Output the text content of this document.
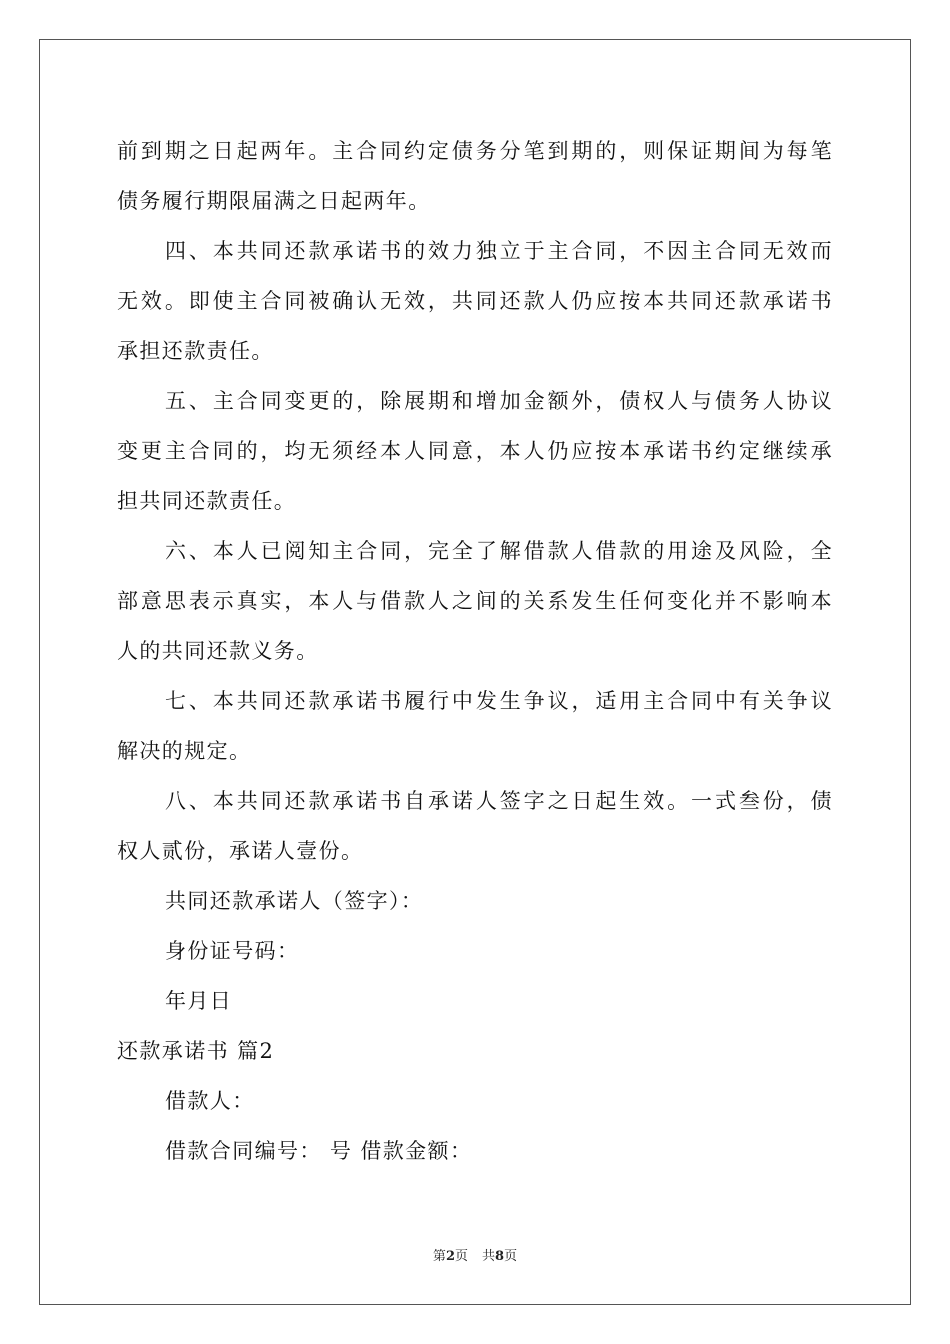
前到期之日起两年。主合同约定债务分笔到期的，则保证期间为每笔
债务履行期限届满之日起两年。
四、本共同还款承诺书的效力独立于主合同，不因主合同无效而
无效。即使主合同被确认无效，共同还款人仍应按本共同还款承诺书
承担还款责任。
五、主合同变更的，除展期和增加金额外，债权人与债务人协议
变更主合同的，均无须经本人同意，本人仍应按本承诺书约定继续承
担共同还款责任。
六、本人已阅知主合同，完全了解借款人借款的用途及风险，全
部意思表示真实，本人与借款人之间的关系发生任何变化并不影响本
人的共同还款义务。
七、本共同还款承诺书履行中发生争议，适用主合同中有关争议
解决的规定。
八、本共同还款承诺书自承诺人签字之日起生效。一式叁份，债
权人贰份，承诺人壹份。
共同还款承诺人（签字）：
身份证号码：
年月日
还款承诺书 篇2
借款人：
借款合同编号： 号 借款金额：
第2页 共8页
